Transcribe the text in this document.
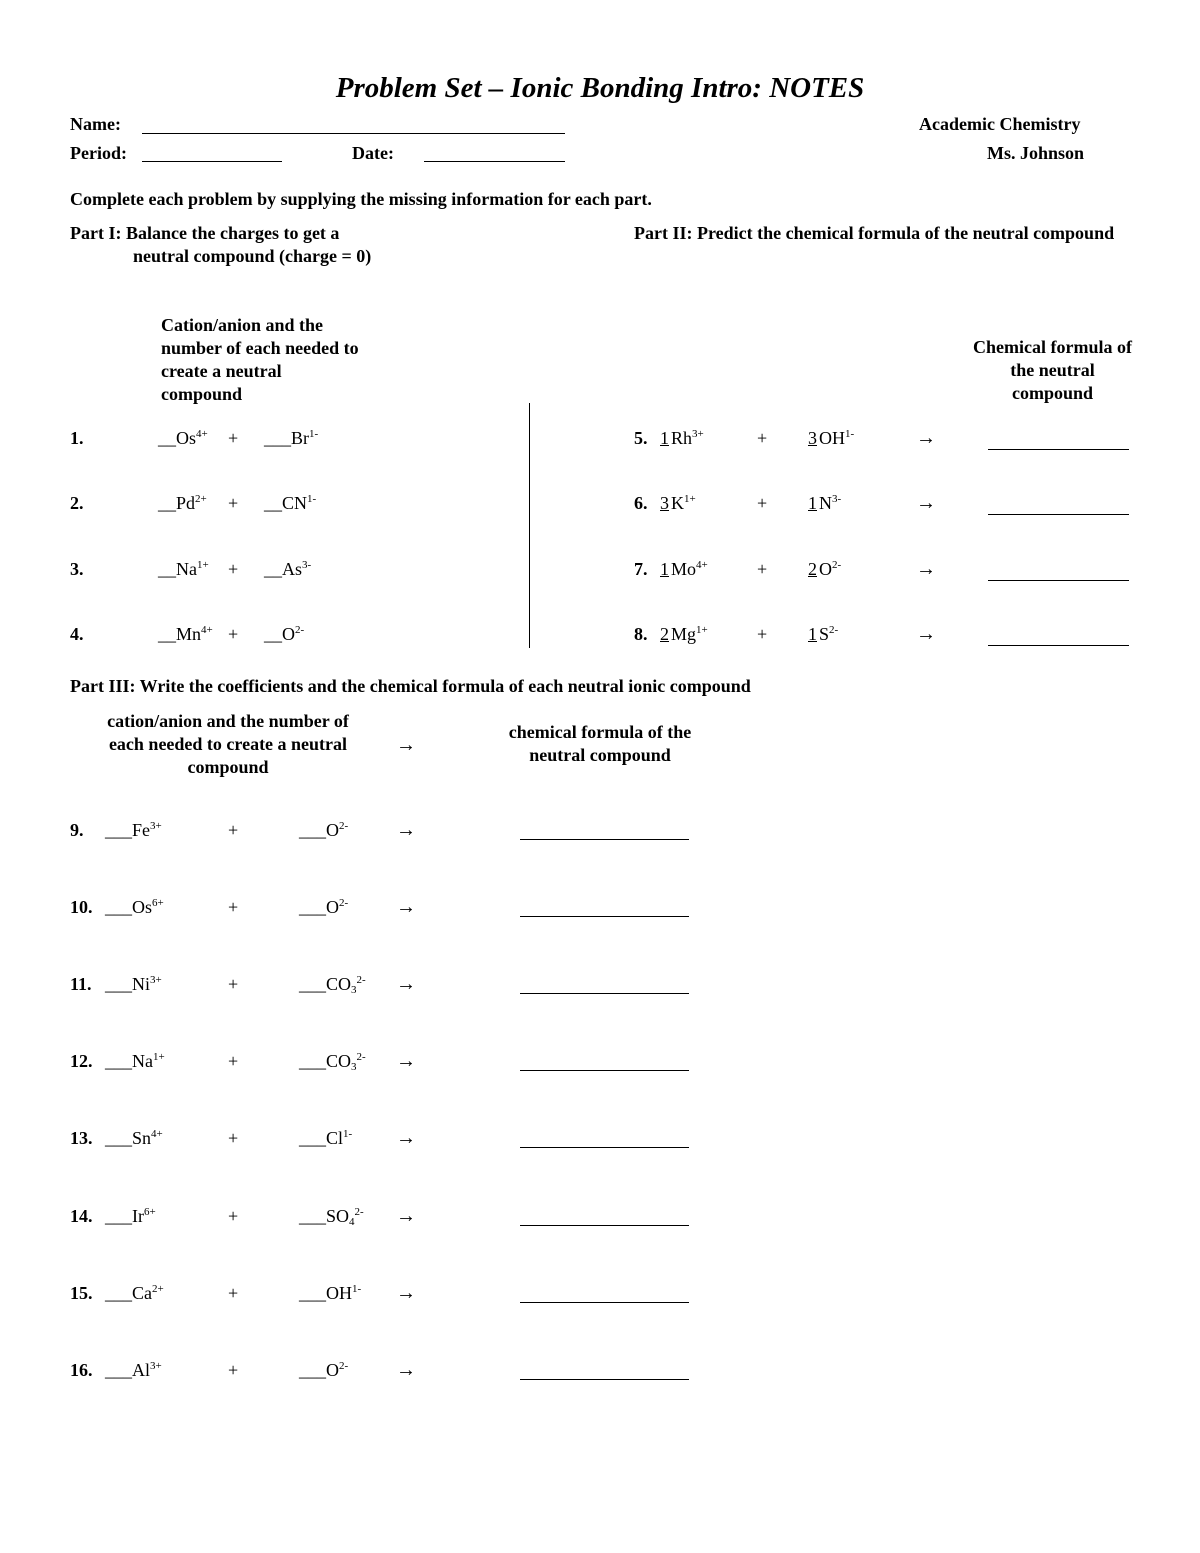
Problem Set – Ionic Bonding Intro: NOTES
Name:
Period:	Date:
Academic Chemistry
Ms. Johnson
Complete each problem by supplying the missing information for each part.
Part I: Balance the charges to get a
neutral compound (charge = 0)
Cation/anion and the number of each needed to create a neutral compound
Part II: Predict the chemical formula of the neutral compound
Chemical formula of the neutral compound
1.	$\_\_Os^{4+}$ + $\_\_\_Br^{1-}$
2.	$\_\_Pd^{2+}$ + $\_\_CN^{1-}$
3.	$\_\_Na^{1+}$ + $\_\_As^{3-}$
4.	$\_\_Mn^{4+}$ + $\_\_O^{2-}$
5. 1 $Rh^{3+}$	+	3 $OH^{1-}$	→
6. 3 $K^{1+}$	+	1 $N^{3-}$	→
7. 1 $Mo^{4+}$	+	2 $O^{2-}$	→
8. 2 $Mg^{1+}$	+	1 $S^{2-}$	→
Part III: Write the coefficients and the chemical formula of each neutral ionic compound
cation/anion and the number of each needed to create a neutral compound
→
chemical formula of the neutral compound
9. $\_\_\_Fe^{3+}$	+	$\_\_\_O^{2-}$ →
10. $\_\_\_Os^{6+}$	+	$\_\_\_O^{2-}$ →
11. $\_\_\_Ni^{3+}$	+	$\_\_\_CO_3^{2-}$ →
12. $\_\_\_Na^{1+}$	+	$\_\_\_CO_3^{2-}$ →
13. $\_\_\_Sn^{4+}$	+	$\_\_\_Cl^{1-}$ →
14. $\_\_\_Ir^{6+}$	+	$\_\_\_SO_4^{2-}$ →
15. $\_\_\_Ca^{2+}$	+	$\_\_\_OH^{1-}$ →
16. $\_\_\_Al^{3+}$	+	$\_\_\_O^{2-}$ →
